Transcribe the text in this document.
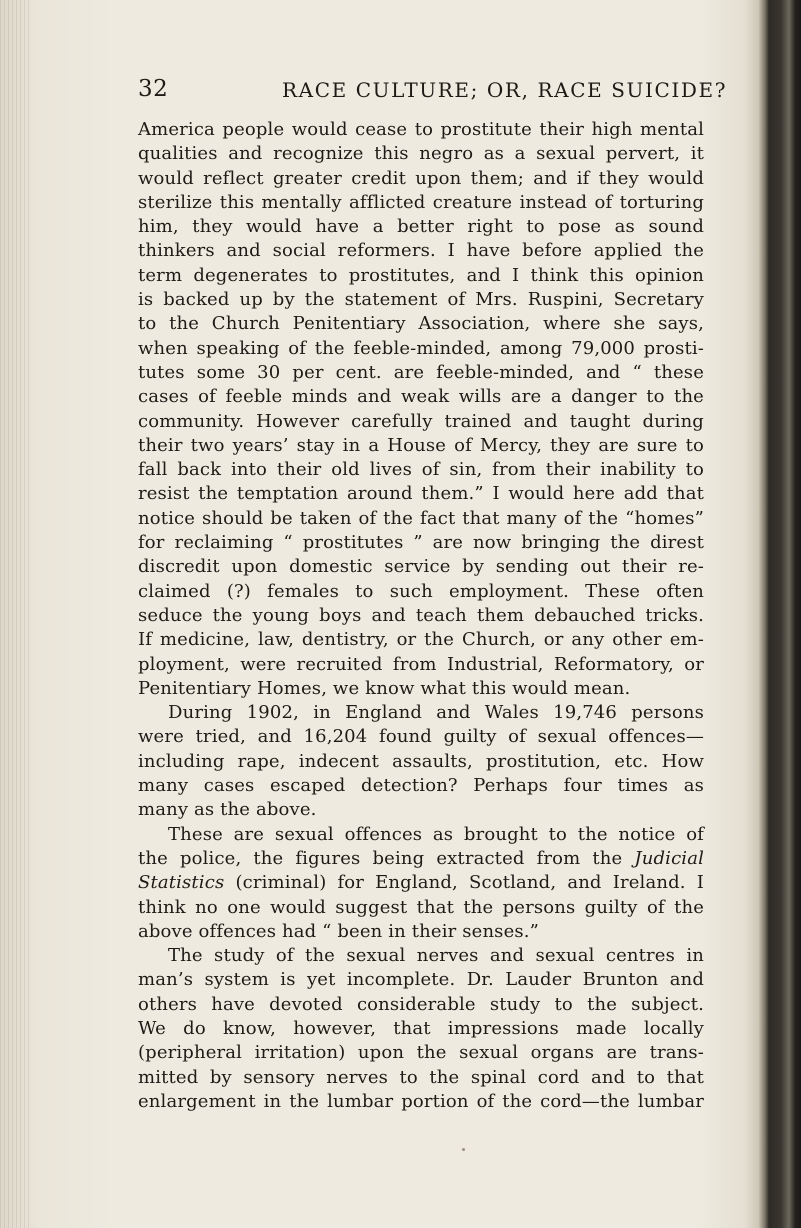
32	RACE CULTURE; OR, RACE SUICIDE?
America people would cease to prostitute their high mental
qualities and recognize this negro as a sexual pervert, it
would reflect greater credit upon them; and if they would
sterilize this mentally afflicted creature instead of torturing
him, they would have a better right to pose as sound
thinkers and social reformers. I have before applied the
term degenerates to prostitutes, and I think this opinion
is backed up by the statement of Mrs. Ruspini, Secretary
to the Church Penitentiary Association, where she says,
when speaking of the feeble-minded, among 79,000 prosti-
tutes some 30 per cent. are feeble-minded, and “ these
cases of feeble minds and weak wills are a danger to the
community. However carefully trained and taught during
their two years’ stay in a House of Mercy, they are sure to
fall back into their old lives of sin, from their inability to
resist the temptation around them.” I would here add that
notice should be taken of the fact that many of the “homes”
for reclaiming “ prostitutes ” are now bringing the direst
discredit upon domestic service by sending out their re-
claimed (?) females to such employment. These often
seduce the young boys and teach them debauched tricks.
If medicine, law, dentistry, or the Church, or any other em-
ployment, were recruited from Industrial, Reformatory, or
Penitentiary Homes, we know what this would mean.
During 1902, in England and Wales 19,746 persons
were tried, and 16,204 found guilty of sexual offences—
including rape, indecent assaults, prostitution, etc. How
many cases escaped detection? Perhaps four times as
many as the above.
These are sexual offences as brought to the notice of
the police, the figures being extracted from the Judicial
Statistics (criminal) for England, Scotland, and Ireland. I
think no one would suggest that the persons guilty of the
above offences had “ been in their senses.”
The study of the sexual nerves and sexual centres in
man’s system is yet incomplete. Dr. Lauder Brunton and
others have devoted considerable study to the subject.
We do know, however, that impressions made locally
(peripheral irritation) upon the sexual organs are trans-
mitted by sensory nerves to the spinal cord and to that
enlargement in the lumbar portion of the cord—the lumbar
